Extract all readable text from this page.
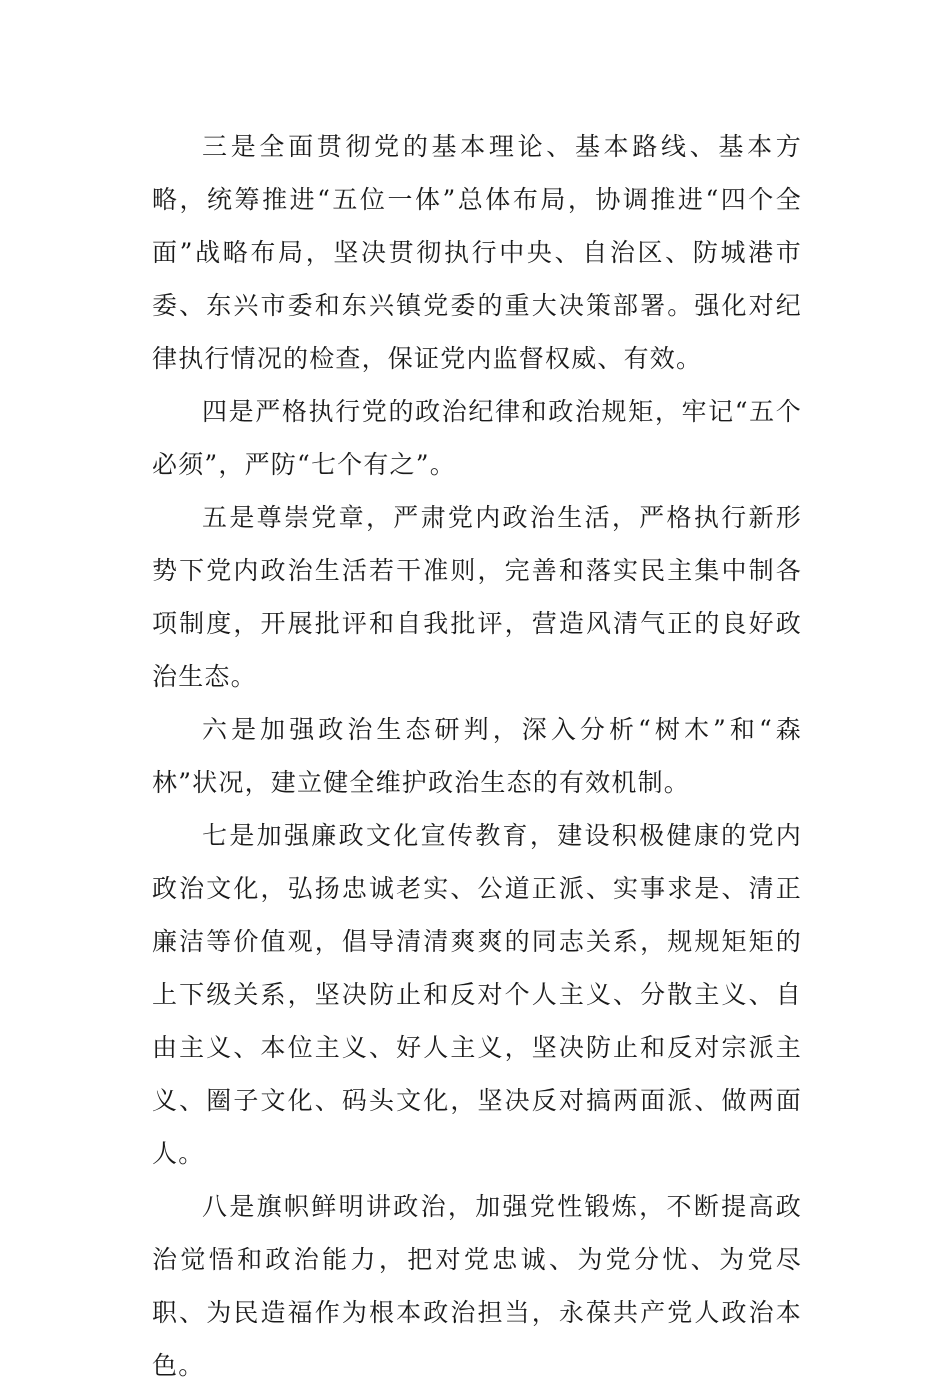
三是全面贯彻党的基本理论、基本路线、基本方略，统筹推进“五位一体”总体布局，协调推进“四个全面”战略布局，坚决贯彻执行中央、自治区、防城港市委、东兴市委和东兴镇党委的重大决策部署。强化对纪律执行情况的检查，保证党内监督权威、有效。

四是严格执行党的政治纪律和政治规矩，牢记“五个必须”，严防“七个有之”。

五是尊崇党章，严肃党内政治生活，严格执行新形势下党内政治生活若干准则，完善和落实民主集中制各项制度，开展批评和自我批评，营造风清气正的良好政治生态。

六是加强政治生态研判，深入分析“树木”和“森林”状况，建立健全维护政治生态的有效机制。

七是加强廉政文化宣传教育，建设积极健康的党内政治文化，弘扬忠诚老实、公道正派、实事求是、清正廉洁等价值观，倡导清清爽爽的同志关系，规规矩矩的上下级关系，坚决防止和反对个人主义、分散主义、自由主义、本位主义、好人主义，坚决防止和反对宗派主义、圈子文化、码头文化，坚决反对搞两面派、做两面人。

八是旗帜鲜明讲政治，加强党性锻炼，不断提高政治觉悟和政治能力，把对党忠诚、为党分忧、为党尽职、为民造福作为根本政治担当，永葆共产党人政治本色。
